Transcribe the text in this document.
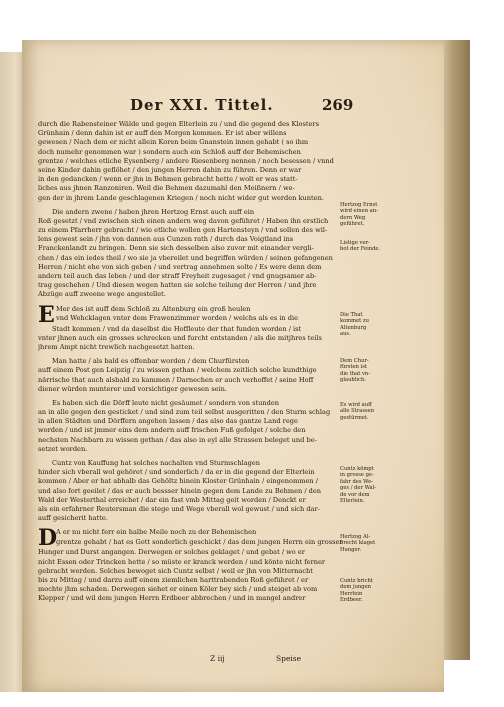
Der XXI. Tittel.	269
durch die Rabensteiner Wälde und gegen Elterlein zu / und die gegend des Klosters
Grünhain / denn dahin ist er auff den Morgen kommen. Er ist aber willens
gewesen / Nach dem er nicht allein Koren beim Gnanstein innen gehabt ( so ihm
doch numehr genommen war ) sondern auch ein Schloß auff der Behemischen
grentze / welches etliche Eysenberg / andere Riesenberg nennen / noch besessen / vnnd
seine Kinder dahin geflöhet / den jungen Herren dahin zu führen. Denn er war
in den gedancken / wenn er jhn in Behmen gebracht hette / wolt er was statt-
liches aus jhnen Ranzoniren. Weil die Behmen dazumahl den Meißnern / we-
gen der in jhrem Lande geschlagenen Kriegen / noch nicht wider gut werden kunten.
Die andern zwene / haben jhren Hertzog Ernst auch auff ein
Roß gesetzt / vnd zwischen sich einen andern weg davon geführet / Haben ihn erstlich
zu einem Pfarrherr gebracht / wie etliche wollen gen Hartensteyn / vnd sollen des wil-
lens gewest sein / jhn von dannen aus Cunzen rath / durch das Voigtland ins
Franckenlandt zu bringen. Denn sie sich desselben also zuvor mit einander vergli-
chen / das ein iedes theil / wo sie ja vbereilet und begriffen würden / seinen gefangenen
Herren / nicht ehe von sich geben / und vertrag annehmen solte / Es were denn dem
andern teil auch das leben / und der straff Freyheit zugesaget / vnd gnugsamer ab-
trag geschehen / Und diesen wegen hatten sie solche teilung der Herren / und jhre
Abzüge auff zweene wege angestellet.
E Mer des ist auff dem Schloß zu Altenburg ein groß heulen
vnd Wehcklagen vnter dem Frawenzimmer worden / welchs als es in die
Stadt kommen / vnd da daselbst die Hoffleute der that funden worden / ist
vnter jhnen auch ein grosses schrecken und furcht entstanden / als die mitjhres teils
jhrem Ampt nicht trewlich nachgesetzt hatten.
Man hatte / als bald es offenbar worden / dem Churfürsten
auff einem Post gen Leipzig / zu wissen gethan / welchem zeitlich solche kundthige
närrische that auch alsbald zu kammen / Darnechen er auch verhoffet / seine Hoff
diener würden munterer und vorsichtiger gewesen sein.
Es haben sich die Dörff leute nicht gesäumet / sondern von stunden
an in alle gegen den gesticket / und sind zum teil selbst ausgeritten / den Sturm schlag
in allen Städten und Dörffern angehen lassen / das also das gantze Land rege
worden / und ist jmmer eins dem andern auff frischen Fuß gefolget / solche den
nechsten Nachbarn zu wissen gethan / das also in eyl alle Strassen beleget und be-
setzet worden.
Cuntz von Kauffung hat solches nachalten vnd Sturmschlagen
hinder sich vberall wol gehöret / und sonderlich / da er in die gegend der Elterlein
kommen / Aber er hat abhalb das Gehöltz hinein Kloster Grünhain / eingenommen /
und also fort geeilet / das er auch bessser hinein gegen dem Lande zu Behmen / den
Wald der Westerthal erreichet / dar ein fast vmb Mittag geit worden / Denckt er
als ein erfahrner Reutersman die stege und Wege vberall wol gewust / und sich dar-
auff gesicherit hatte.
D
A er nu nicht ferr ein halbe Meile noch zu der Behemischen
grentze gehabt / hat es Gott sonderlich geschickt / das dem jungen Herrn ein grosser
Hunger und Durst angangen. Derwegen er solches geklaget / und gebat / wo er
nicht Essen oder Trincken hette / so müste er kranck werden / und könte nicht ferner
gebracht werden. Solches bewoget sich Cuntz selbst / weil er jhn von Mitternacht
bis zu Mittag / und darzu auff einem ziemlichen harttrabenden Roß geführet / er
mochte jhm schaden. Derwegen siehet er einen Köler bey sich / und steiget ab vom
Klepper / und wil dem jungen Herrn Erdbeer abbrechen / und in mangel andrer
Hertzog Ernst
wird einen an-
dern Weg
geführet.
Listige ver-
bot der Feinde.
Die That
kommet zu
Altenburg
aus.
Dem Chur-
fürsten ist
die that vn-
glaublich.
Es wird auff
alle Strassen
gestürmet.
Cuntz kömpt
in grosse ge-
fahr des We-
ges / der Wal-
de vor dem
Elterlein.
Hertzog Al-
brecht klaget
Hunger.
Cuntz bricht
dem jungen
Herrlein
Erdbeer.
Z iij	Speise
